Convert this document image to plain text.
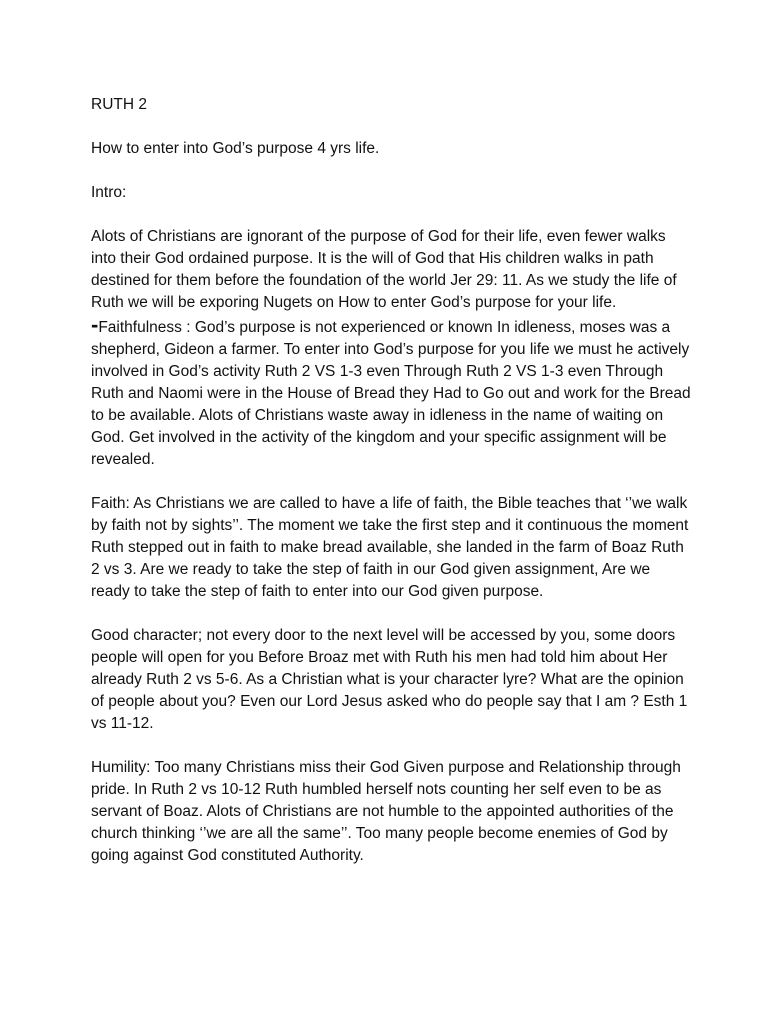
RUTH 2

How to enter into God’s purpose 4 yrs life.

Intro:

Alots of Christians are ignorant of the purpose of God for their life, even fewer walks into their God ordained purpose. It is the will of God that His children walks in path destined for them before the foundation of the world Jer 29: 11. As we study the life of Ruth we will be exporing Nugets on How to enter God’s purpose for your life.

-Faithfulness : God’s purpose is not experienced or known In idleness, moses was a shepherd, Gideon a farmer. To enter into God’s purpose for you life we must he actively involved in God’s activity Ruth 2 VS 1-3 even Through Ruth 2 VS 1-3 even Through Ruth and Naomi were in the House of Bread they Had to Go out and work for the Bread to be available. Alots of Christians waste away in idleness in the name of waiting on God. Get involved in the activity of the kingdom and your specific assignment will be revealed.

Faith: As Christians we are called to have a life of faith, the Bible teaches that ‘’we walk by faith not by sights’’. The moment we take the first step and it continuous the moment Ruth stepped out in faith to make bread available, she landed in the farm of Boaz Ruth 2 vs 3. Are we ready to take the step of faith in our God given assignment, Are we ready to take the step of faith to enter into our God given purpose.

Good character; not every door to the next level will be accessed by you, some doors people will open for you Before Broaz met with Ruth his men had told him about Her already Ruth 2 vs 5-6. As a Christian what is your character lyre? What are the opinion of people about you? Even our Lord Jesus asked who do people say that I am ? Esth 1 vs 11-12.

Humility: Too many Christians miss their God Given purpose and Relationship through pride. In Ruth 2 vs 10-12 Ruth humbled herself nots counting her self even to be as servant of Boaz. Alots of Christians are not humble to the appointed authorities of the church thinking ‘’we are all the same’’. Too many people become enemies of God by going against God constituted Authority.
